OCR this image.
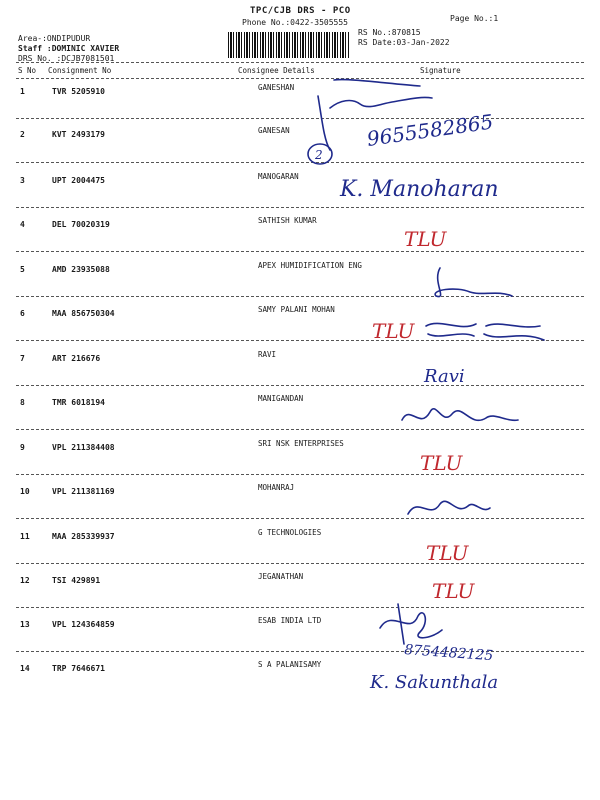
TPC/CJB DRS - PCO
Phone No.:0422-3505555	Page No.:1
RS No.:870815
RS Date:03-Jan-2022
Area-:ONDIPUDUR
Staff :DOMINIC XAVIER
DRS No. :DCJB7081501
S No Consignment No	Consignee Details	Signature
1	TVR 5205910	GANESHAN
2	KVT 2493179	GANESAN
3	UPT 2004475	MANOGARAN
4	DEL 70020319	SATHISH KUMAR
5	AMD 23935088	APEX HUMIDIFICATION ENG
6	MAA 856750304	SAMY PALANI MOHAN
7	ART 216676	RAVI
8	TMR 6018194	MANIGANDAN
9	VPL 211384408	SRI NSK ENTERPRISES
10	VPL 211381169	MOHANRAJ
11	MAA 285339937	G TECHNOLOGIES
12	TSI 429891	JEGANATHAN
13	VPL 124364859	ESAB INDIA LTD
14	TRP 7646671	S A PALANISAMY
9655582865
2
K. Manoharan
Ravi
8754482125
K. Sakunthala
TLU
TLU
TLU
TLU
TLU
